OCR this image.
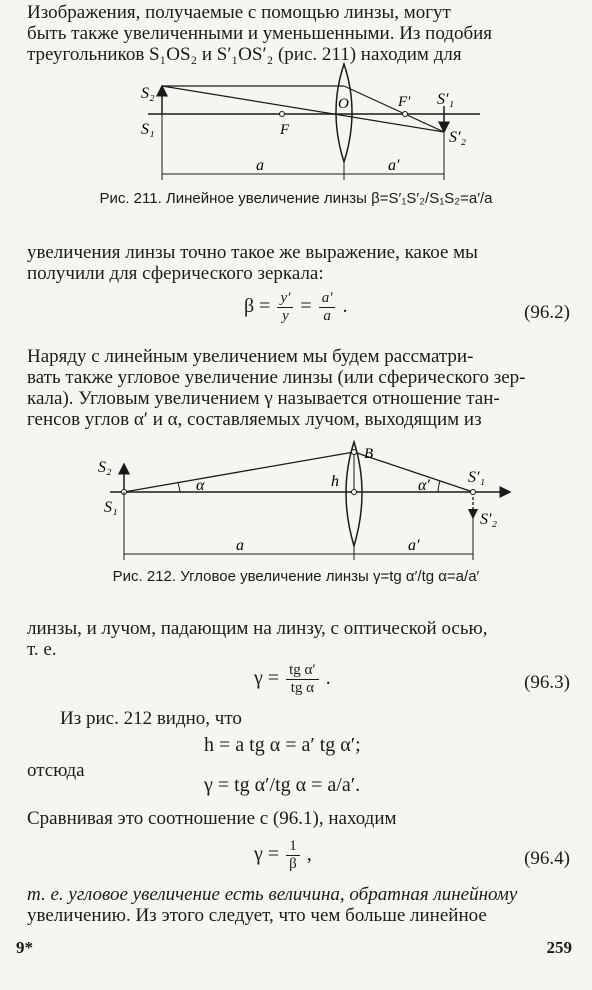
Изображения, получаемые с помощью линзы, могут
быть также увеличенными и уменьшенными. Из подобия
треугольников S₁OS₂ и S′₁OS′₂ (рис. 211) находим для
S₂
S₁
O
F
F′ S′₁
S′₂
a	a′
Рис. 211. Линейное увеличение линзы β=S′₁S′₂/S₁S₂=a′/a
увеличения линзы точно такое же выражение, какое мы
получили для сферического зеркала:
$\beta = \frac{y'}{y} = \frac{a'}{a}$ .	(96.2)
Наряду с линейным увеличением мы будем рассматри-
вать также угловое увеличение линзы (или сферического зер-
кала). Угловым увеличением γ называется отношение тан-
генсов углов α′ и α, составляемых лучом, выходящим из
S₂
S₁
α	h
B
α′ S′₁
S′₂
a	a′
Рис. 212. Угловое увеличение линзы γ=tg α′/tg α=a/a′
линзы, и лучом, падающим на линзу, с оптической осью,
т. е.
$\gamma = \frac{\text{tg α′}}{\text{tg α}}$ .	(96.3)
Из рис. 212 видно, что
h = a tg α = a′ tg α′;
отсюда
γ = tg α′/tg α = a/a′.
Сравнивая это соотношение с (96.1), находим
$\gamma = \frac{1}{\beta}$ ,	(96.4)
т. е. угловое увеличение есть величина, обратная линейному
увеличению. Из этого следует, что чем больше линейное
9*	259
